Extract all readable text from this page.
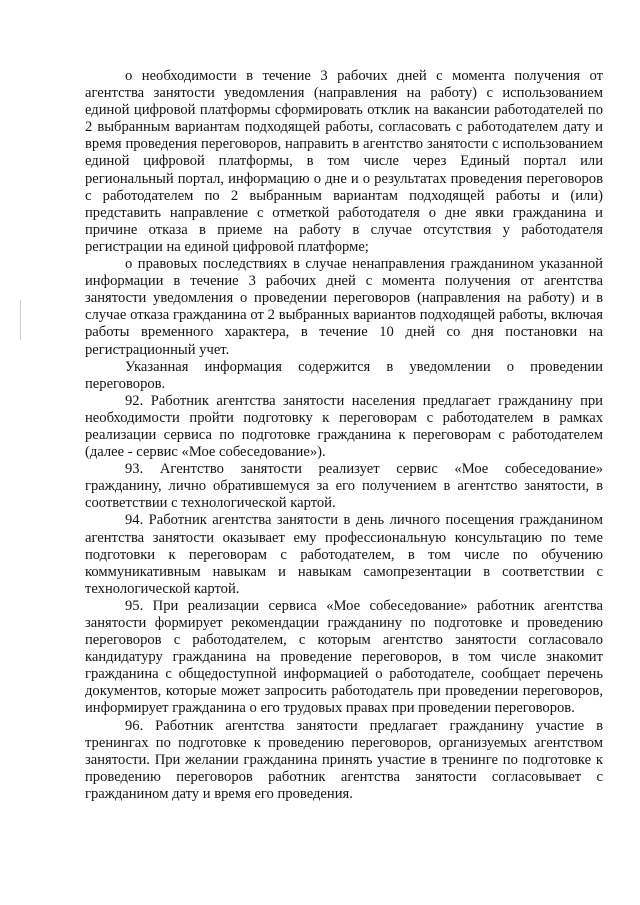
о необходимости в течение 3 рабочих дней с момента получения от агентства занятости уведомления (направления на работу) с использованием единой цифровой платформы сформировать отклик на вакансии работодателей по 2 выбранным вариантам подходящей работы, согласовать с работодателем дату и время проведения переговоров, направить в агентство занятости с использованием единой цифровой платформы, в том числе через Единый портал или региональный портал, информацию о дне и о результатах проведения переговоров с работодателем по 2 выбранным вариантам подходящей работы и (или) представить направление с отметкой работодателя о дне явки гражданина и причине отказа в приеме на работу в случае отсутствия у работодателя регистрации на единой цифровой платформе;

о правовых последствиях в случае ненаправления гражданином указанной информации в течение 3 рабочих дней с момента получения от агентства занятости уведомления о проведении переговоров (направления на работу) и в случае отказа гражданина от 2 выбранных вариантов подходящей работы, включая работы временного характера, в течение 10 дней со дня постановки на регистрационный учет.

Указанная информация содержится в уведомлении о проведении переговоров.

92. Работник агентства занятости населения предлагает гражданину при необходимости пройти подготовку к переговорам с работодателем в рамках реализации сервиса по подготовке гражданина к переговорам с работодателем (далее - сервис «Мое собеседование»).

93. Агентство занятости реализует сервис «Мое собеседование» гражданину, лично обратившемуся за его получением в агентство занятости, в соответствии с технологической картой.

94. Работник агентства занятости в день личного посещения гражданином агентства занятости оказывает ему профессиональную консультацию по теме подготовки к переговорам с работодателем, в том числе по обучению коммуникативным навыкам и навыкам самопрезентации в соответствии с технологической картой.

95. При реализации сервиса «Мое собеседование» работник агентства занятости формирует рекомендации гражданину по подготовке и проведению переговоров с работодателем, с которым агентство занятости согласовало кандидатуру гражданина на проведение переговоров, в том числе знакомит гражданина с общедоступной информацией о работодателе, сообщает перечень документов, которые может запросить работодатель при проведении переговоров, информирует гражданина о его трудовых правах при проведении переговоров.

96. Работник агентства занятости предлагает гражданину участие в тренингах по подготовке к проведению переговоров, организуемых агентством занятости. При желании гражданина принять участие в тренинге по подготовке к проведению переговоров работник агентства занятости согласовывает с гражданином дату и время его проведения.
